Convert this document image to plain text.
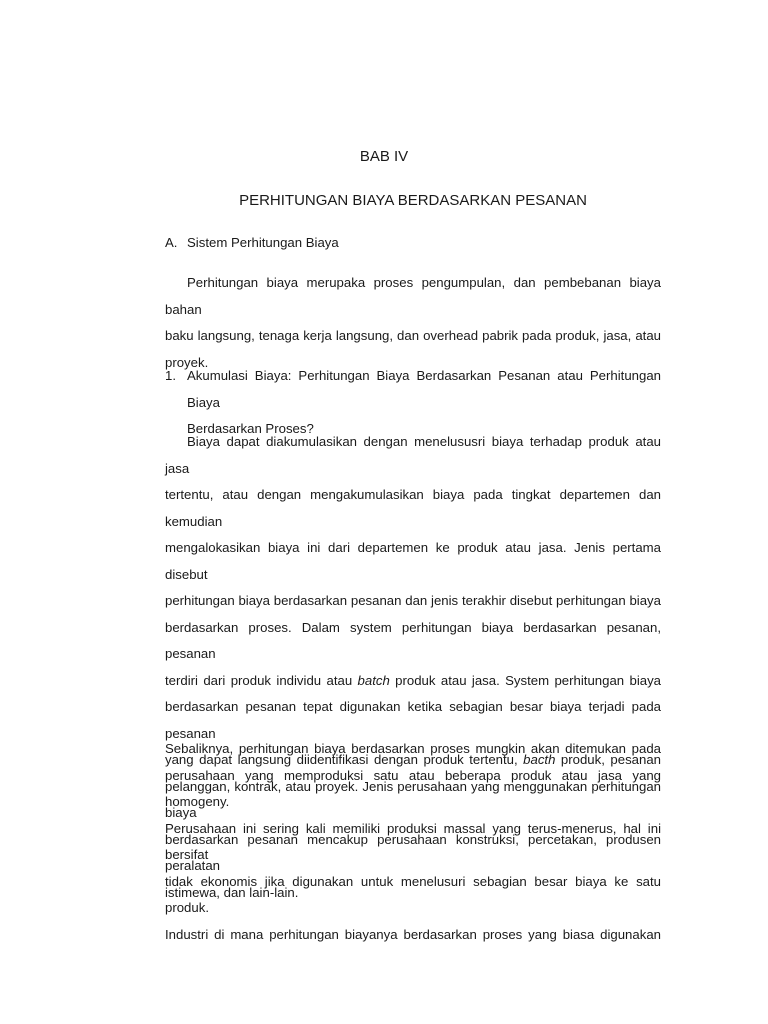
BAB IV
PERHITUNGAN BIAYA BERDASARKAN PESANAN
A. Sistem Perhitungan Biaya
Perhitungan biaya merupaka proses pengumpulan, dan pembebanan biaya bahan
baku langsung, tenaga kerja langsung, dan overhead pabrik pada produk, jasa, atau
proyek.
1. Akumulasi Biaya: Perhitungan Biaya Berdasarkan Pesanan atau Perhitungan Biaya
Berdasarkan Proses?
Biaya dapat diakumulasikan dengan menelususri biaya terhadap produk atau jasa
tertentu, atau dengan mengakumulasikan biaya pada tingkat departemen dan kemudian
mengalokasikan biaya ini dari departemen ke produk atau jasa. Jenis pertama disebut
perhitungan biaya berdasarkan pesanan dan jenis terakhir disebut perhitungan biaya
berdasarkan proses. Dalam system perhitungan biaya berdasarkan pesanan, pesanan
terdiri dari produk individu atau batch produk atau jasa. System perhitungan biaya
berdasarkan pesanan tepat digunakan ketika sebagian besar biaya terjadi pada pesanan
yang dapat langsung diidentifikasi dengan produk tertentu, bacth produk, pesanan
pelanggan, kontrak, atau proyek. Jenis perusahaan yang menggunakan perhitungan biaya
berdasarkan pesanan mencakup perusahaan konstruksi, percetakan, produsen peralatan
istimewa, dan lain-lain.
Sebaliknya, perhitungan biaya berdasarkan proses mungkin akan ditemukan pada
perusahaan yang memproduksi satu atau beberapa produk atau jasa yang homogeny.
Perusahaan ini sering kali memiliki produksi massal yang terus-menerus, hal ini bersifat
tidak ekonomis jika digunakan untuk menelusuri sebagian besar biaya ke satu produk.
Industri di mana perhitungan biayanya berdasarkan proses yang biasa digunakan
